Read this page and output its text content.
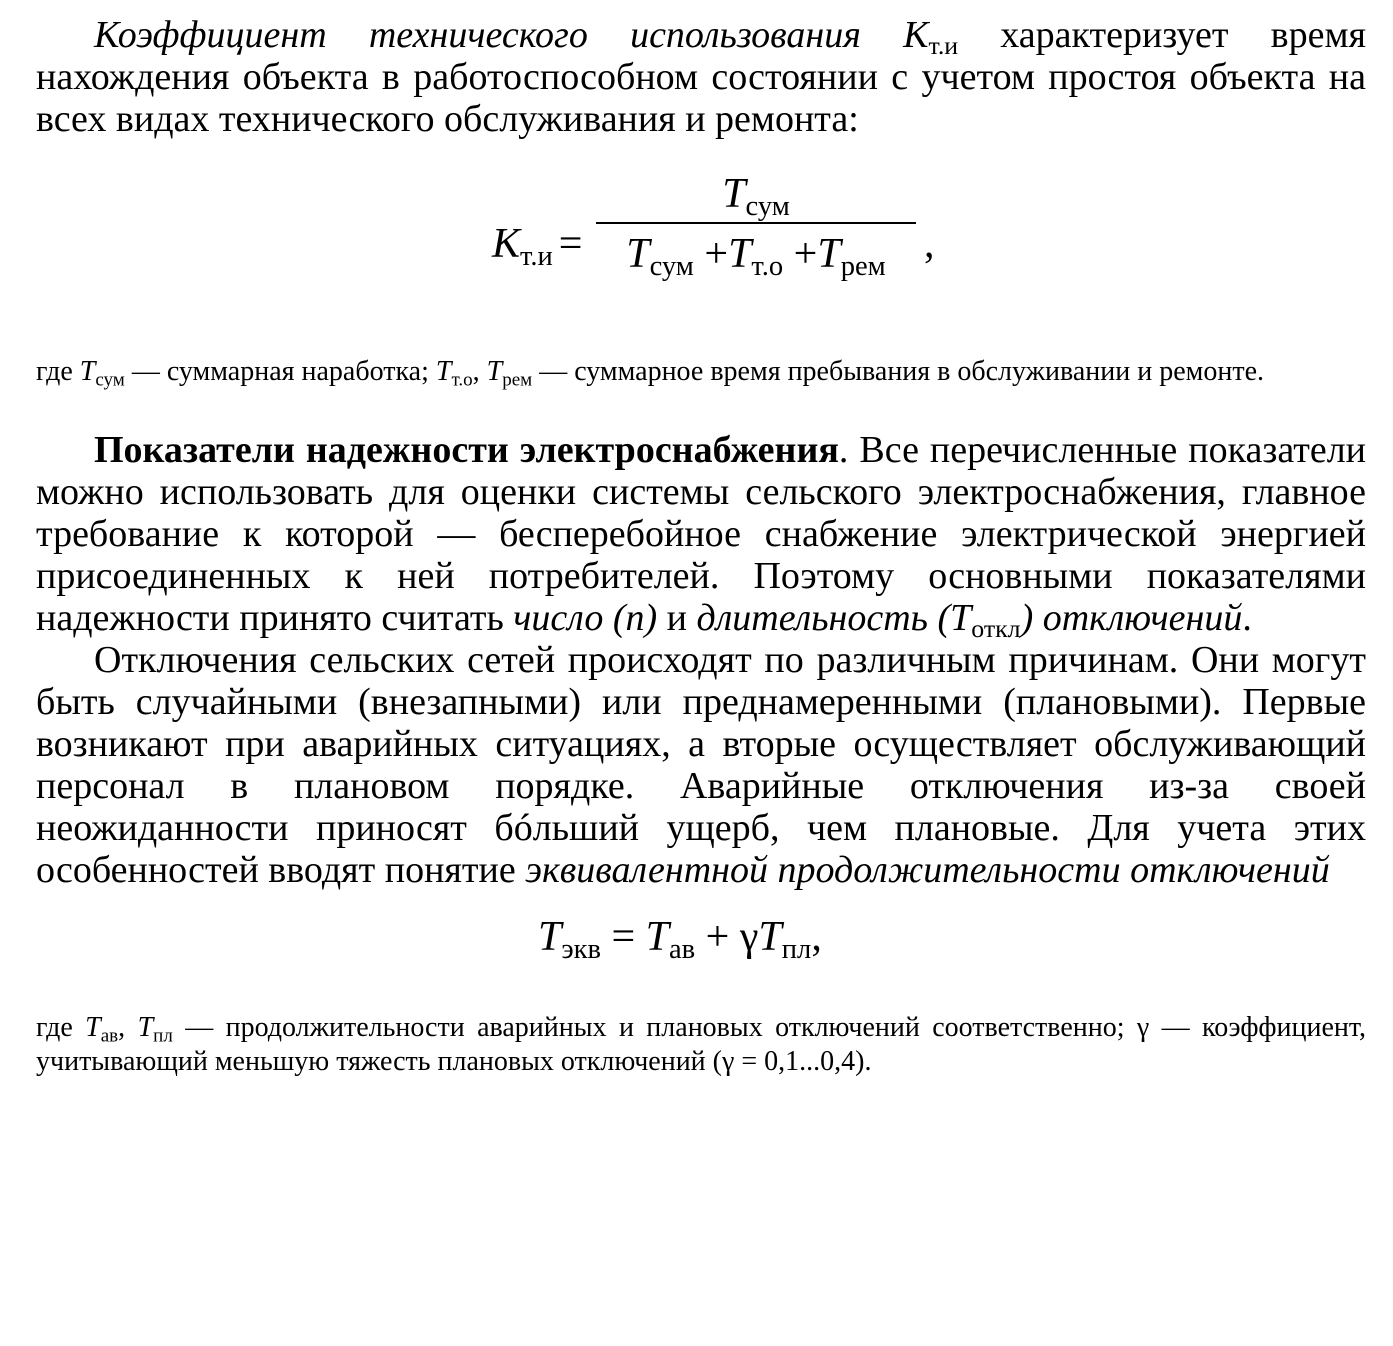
Коэффициент технического использования $K_{т.и}$ характеризует время нахождения объекта в работоспособном состоянии с учетом простоя объекта на всех видах технического обслуживания и ремонта:

$K_{т.и}$ =
$T_{сум}$
$T_{сум} +T_{т.о} +T_{рем}$ ,

где $T_{сум}$ — суммарная наработка; $T_{т.о}$, $T_{рем}$ — суммарное время пребывания в обслуживании и ремонте.

Показатели надежности электроснабжения. Все перечисленные показатели можно использовать для оценки системы сельского электроснабжения, главное требование к которой — бесперебойное снабжение электрической энергией присоединенных к ней потребителей. Поэтому основными показателями надежности принято считать число (n) и длительность $(T_{откл})$ отключений.

Отключения сельских сетей происходят по различным причинам. Они могут быть случайными (внезапными) или преднамеренными (плановыми). Первые возникают при аварийных ситуациях, а вторые осуществляет обслуживающий персонал в плановом порядке. Аварийные отключения из-за своей неожиданности приносят бóльший ущерб, чем плановые. Для учета этих особенностей вводят понятие эквивалентной продолжительности отключений

$T_{экв} = T_{ав} + \gamma T_{пл}$,

где $T_{ав}$, $T_{пл}$ — продолжительности аварийных и плановых отключений соответственно; γ — коэффициент, учитывающий меньшую тяжесть плановых отключений (γ = 0,1...0,4).
